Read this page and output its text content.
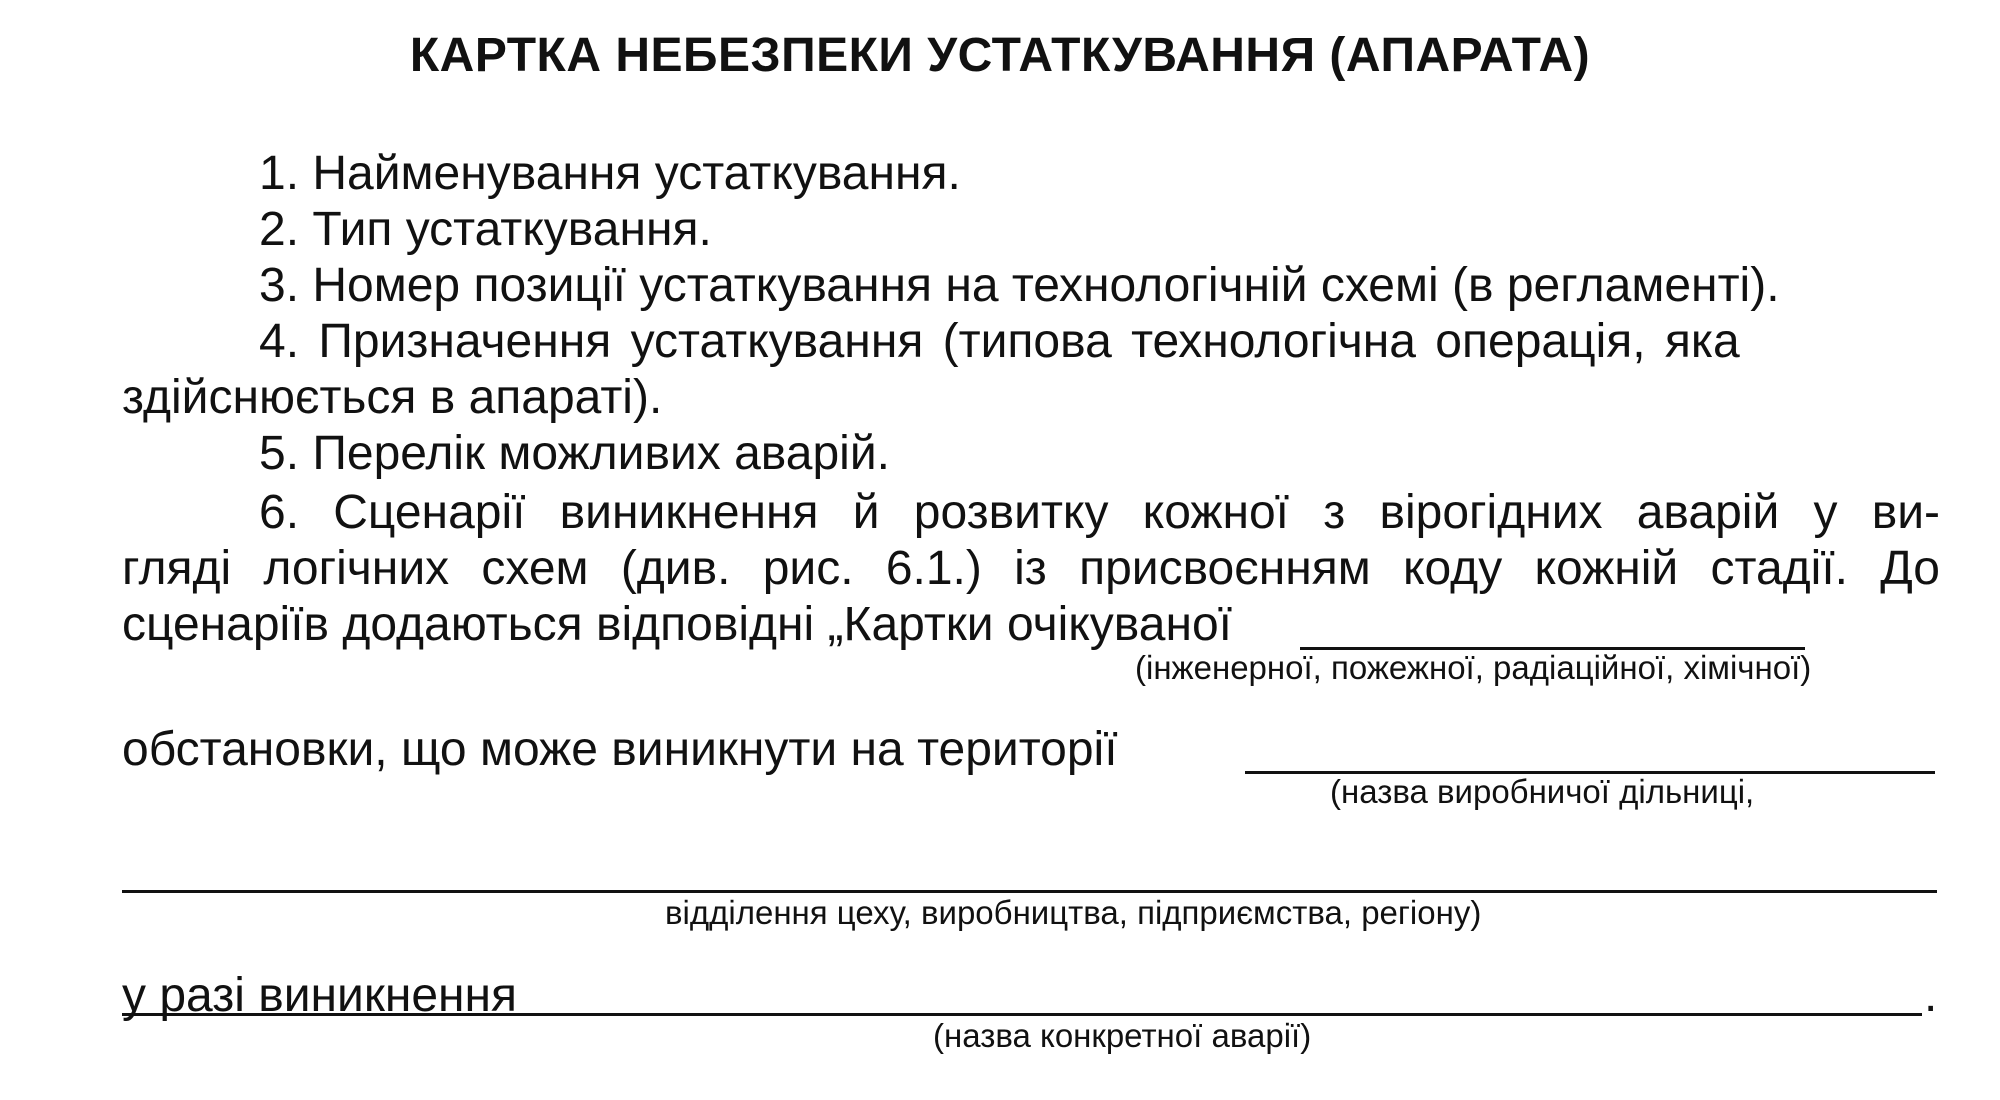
КАРТКА НЕБЕЗПЕКИ УСТАТКУВАННЯ (АПАРАТА)
1. Найменування устаткування.
2. Тип устаткування.
3. Номер позиції устаткування на технологічній схемі (в регламенті).
4. Призначення устаткування (типова технологічна операція, яка
здійснюється в апараті).
5. Перелік можливих аварій.
6. Сценарії виникнення й розвитку кожної з вірогідних аварій у ви-
гляді логічних схем (див. рис. 6.1.) із присвоєнням коду кожній стадії. До
сценаріїв додаються відповідні „Картки очікуваної
(інженерної, пожежної, радіаційної, хімічної)
обстановки, що може виникнути на території
(назва виробничої дільниці,
відділення цеху, виробництва, підприємства, регіону)
у разі виникнення	.
(назва конкретної аварії)
